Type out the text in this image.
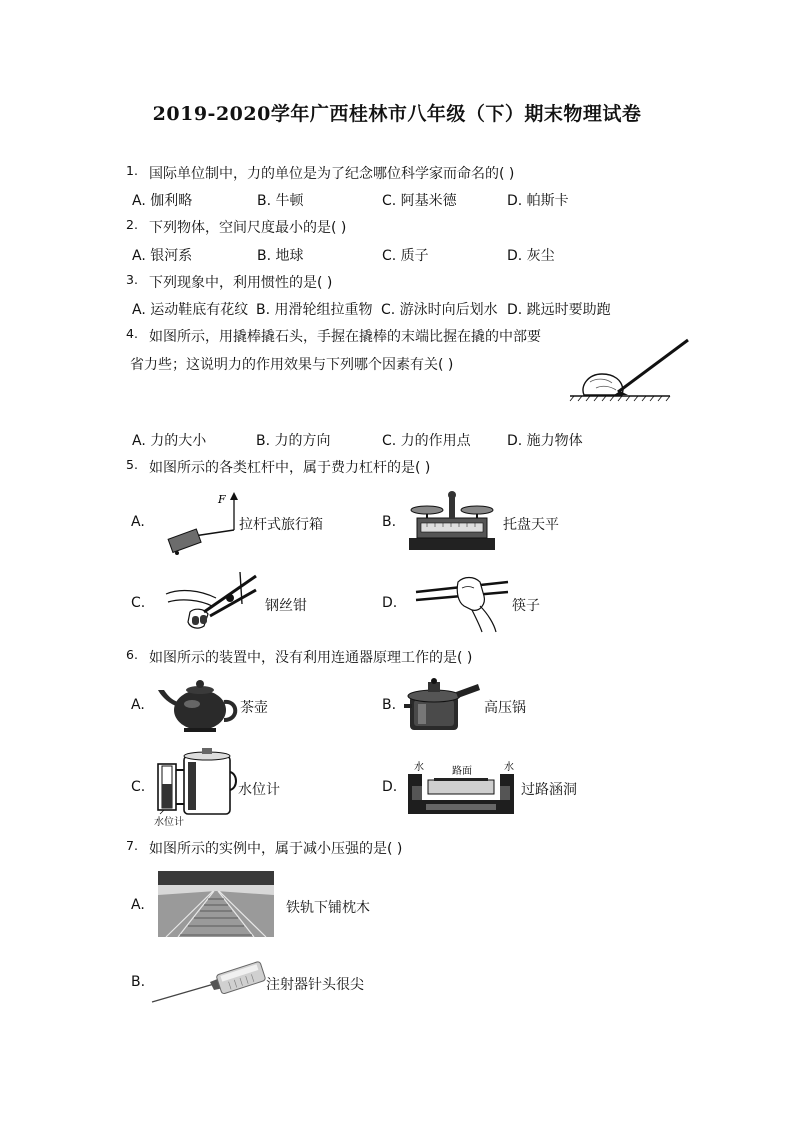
2019-2020学年广西桂林市八年级（下）期末物理试卷
1. 国际单位制中，力的单位是为了纪念哪位科学家而命名的( )
A. 伽利略	B. 牛顿	C. 阿基米德	D. 帕斯卡
2. 下列物体，空间尺度最小的是( )
A. 银河系	B. 地球	C. 质子	D. 灰尘
3. 下列现象中，利用惯性的是( )
A. 运动鞋底有花纹 B. 用滑轮组拉重物 C. 游泳时向后划水 D. 跳远时要助跑
4. 如图所示，用撬棒撬石头，手握在撬棒的末端比握在撬的中部要
省力些；这说明力的作用效果与下列哪个因素有关( )
A. 力的大小	B. 力的方向	C. 力的作用点	D. 施力物体
5. 如图所示的各类杠杆中，属于费力杠杆的是( )
A.
F
拉杆式旅行箱	B.	托盘天平
C.	钢丝钳	D.	筷子
6. 如图所示的装置中，没有利用连通器原理工作的是( )
A.	茶壶	B.	高压锅
C.
水位计
水位计	D.
水	水
路面
过路涵洞
7. 如图所示的实例中，属于减小压强的是( )
A.	铁轨下铺枕木
B.	注射器针头很尖
